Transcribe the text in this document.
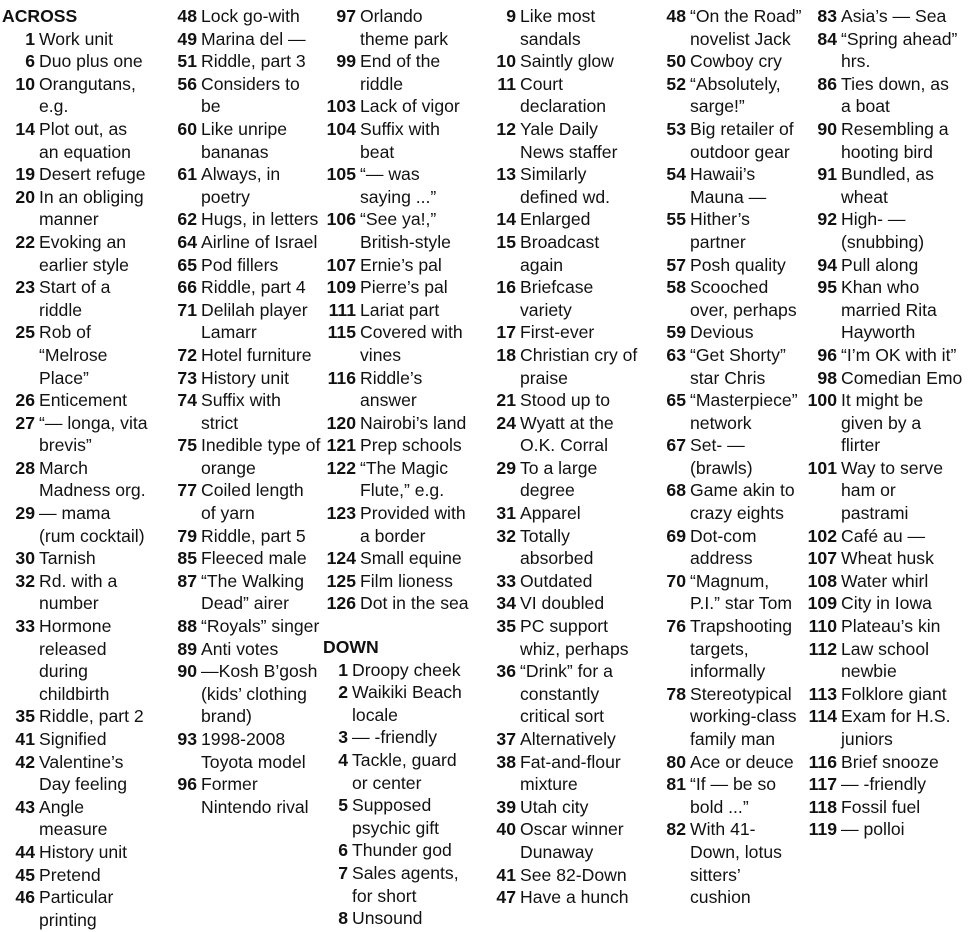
ACROSS
1 Work unit
6 Duo plus one
10 Orangutans, e.g.
14 Plot out, as an equation
19 Desert refuge
20 In an obliging manner
22 Evoking an earlier style
23 Start of a riddle
25 Rob of “Melrose Place”
26 Enticement
27 “— longa, vita brevis”
28 March Madness org.
29 — mama (rum cocktail)
30 Tarnish
32 Rd. with a number
33 Hormone released during childbirth
35 Riddle, part 2
41 Signified
42 Valentine’s Day feeling
43 Angle measure
44 History unit
45 Pretend
46 Particular printing
48 Lock go-with
49 Marina del —
51 Riddle, part 3
56 Considers to be
60 Like unripe bananas
61 Always, in poetry
62 Hugs, in letters
64 Airline of Israel
65 Pod fillers
66 Riddle, part 4
71 Delilah player Lamarr
72 Hotel furniture
73 History unit
74 Suffix with strict
75 Inedible type of orange
77 Coiled length of yarn
79 Riddle, part 5
85 Fleeced male
87 “The Walking Dead” airer
88 “Royals” singer
89 Anti votes
90 —Kosh B’gosh (kids’ clothing brand)
93 1998-2008 Toyota model
96 Former Nintendo rival
97 Orlando theme park
99 End of the riddle
103 Lack of vigor
104 Suffix with beat
105 “— was saying ...”
106 “See ya!,” British-style
107 Ernie’s pal
109 Pierre’s pal
111 Lariat part
115 Covered with vines
116 Riddle’s answer
120 Nairobi’s land
121 Prep schools
122 “The Magic Flute,” e.g.
123 Provided with a border
124 Small equine
125 Film lioness
126 Dot in the sea
DOWN
1 Droopy cheek
2 Waikiki Beach locale
3 — -friendly
4 Tackle, guard or center
5 Supposed psychic gift
6 Thunder god
7 Sales agents, for short
8 Unsound
9 Like most sandals
10 Saintly glow
11 Court declaration
12 Yale Daily News staffer
13 Similarly defined wd.
14 Enlarged
15 Broadcast again
16 Briefcase variety
17 First-ever
18 Christian cry of praise
21 Stood up to
24 Wyatt at the O.K. Corral
29 To a large degree
31 Apparel
32 Totally absorbed
33 Outdated
34 VI doubled
35 PC support whiz, perhaps
36 “Drink” for a constantly critical sort
37 Alternatively
38 Fat-and-flour mixture
39 Utah city
40 Oscar winner Dunaway
41 See 82-Down
47 Have a hunch
48 “On the Road” novelist Jack
50 Cowboy cry
52 “Absolutely, sarge!”
53 Big retailer of outdoor gear
54 Hawaii’s Mauna —
55 Hither’s partner
57 Posh quality
58 Scooched over, perhaps
59 Devious
63 “Get Shorty” star Chris
65 “Masterpiece” network
67 Set- — (brawls)
68 Game akin to crazy eights
69 Dot-com address
70 “Magnum, P.I.” star Tom
76 Trapshooting targets, informally
78 Stereotypical working-class family man
80 Ace or deuce
81 “If — be so bold ...”
82 With 41-Down, lotus sitters’ cushion
83 Asia’s — Sea
84 “Spring ahead” hrs.
86 Ties down, as a boat
90 Resembling a hooting bird
91 Bundled, as wheat
92 High- — (snubbing)
94 Pull along
95 Khan who married Rita Hayworth
96 “I’m OK with it”
98 Comedian Emo
100 It might be given by a flirter
101 Way to serve ham or pastrami
102 Café au —
107 Wheat husk
108 Water whirl
109 City in Iowa
110 Plateau’s kin
112 Law school newbie
113 Folklore giant
114 Exam for H.S. juniors
116 Brief snooze
117 — -friendly
118 Fossil fuel
119 — polloi
